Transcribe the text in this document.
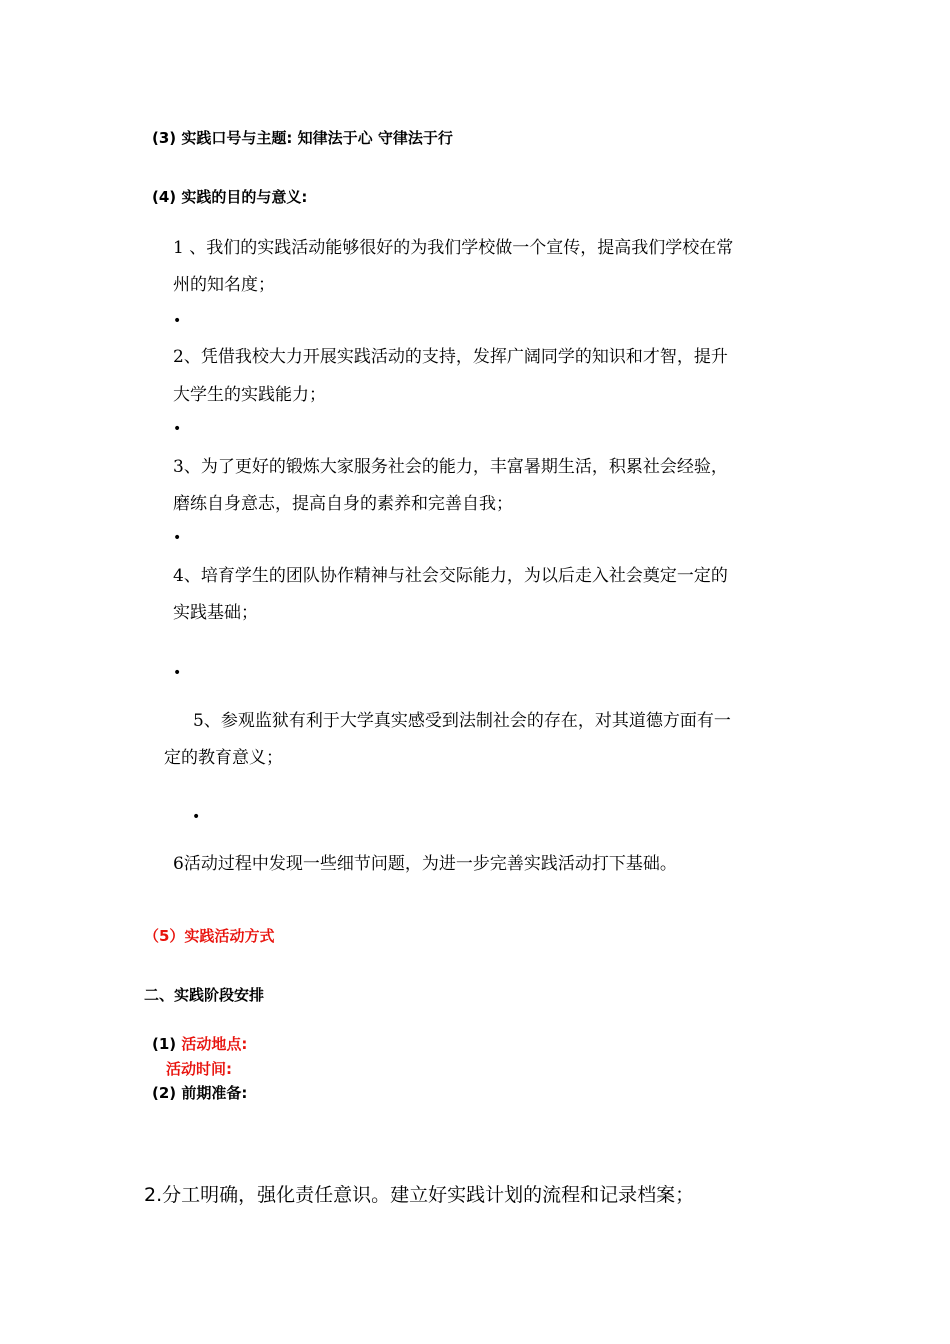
(3) 实践口号与主题: 知律法于心 守律法于行
(4) 实践的目的与意义:
1 、我们的实践活动能够很好的为我们学校做一个宣传，提高我们学校在常
州的知名度；
•
2、凭借我校大力开展实践活动的支持，发挥广阔同学的知识和才智，提升
大学生的实践能力；
•
3、为了更好的锻炼大家服务社会的能力，丰富暑期生活，积累社会经验，
磨练自身意志，提高自身的素养和完善自我；
•
4、培育学生的团队协作精神与社会交际能力，为以后走入社会奠定一定的
实践基础；
•
5、参观监狱有利于大学真实感受到法制社会的存在，对其道德方面有一
定的教育意义；
•
6活动过程中发现一些细节问题，为进一步完善实践活动打下基础。
（5）实践活动方式
二、实践阶段安排
(1) 活动地点:
活动时间:
(2) 前期准备:
2.分工明确，强化责任意识。建立好实践计划的流程和记录档案；
